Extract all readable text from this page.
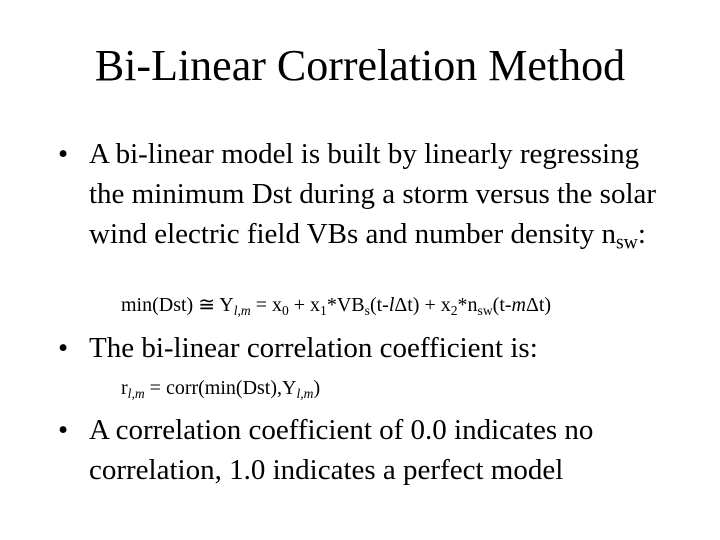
Bi-Linear Correlation Method
• A bi-linear model is built by linearly regressing the minimum Dst during a storm versus the solar wind electric field VBs and number density $n_{sw}$:
min(Dst) ≅ $Y_{l,m} = x_0 + x_1*VB_s(t-l\Delta t) + x_2*n_{sw}(t-m\Delta t)$
• The bi-linear correlation coefficient is:
$r_{l,m}$ = $corr(\min(Dst),Y_{l,m})$
• A correlation coefficient of 0.0 indicates no correlation, 1.0 indicates a perfect model
